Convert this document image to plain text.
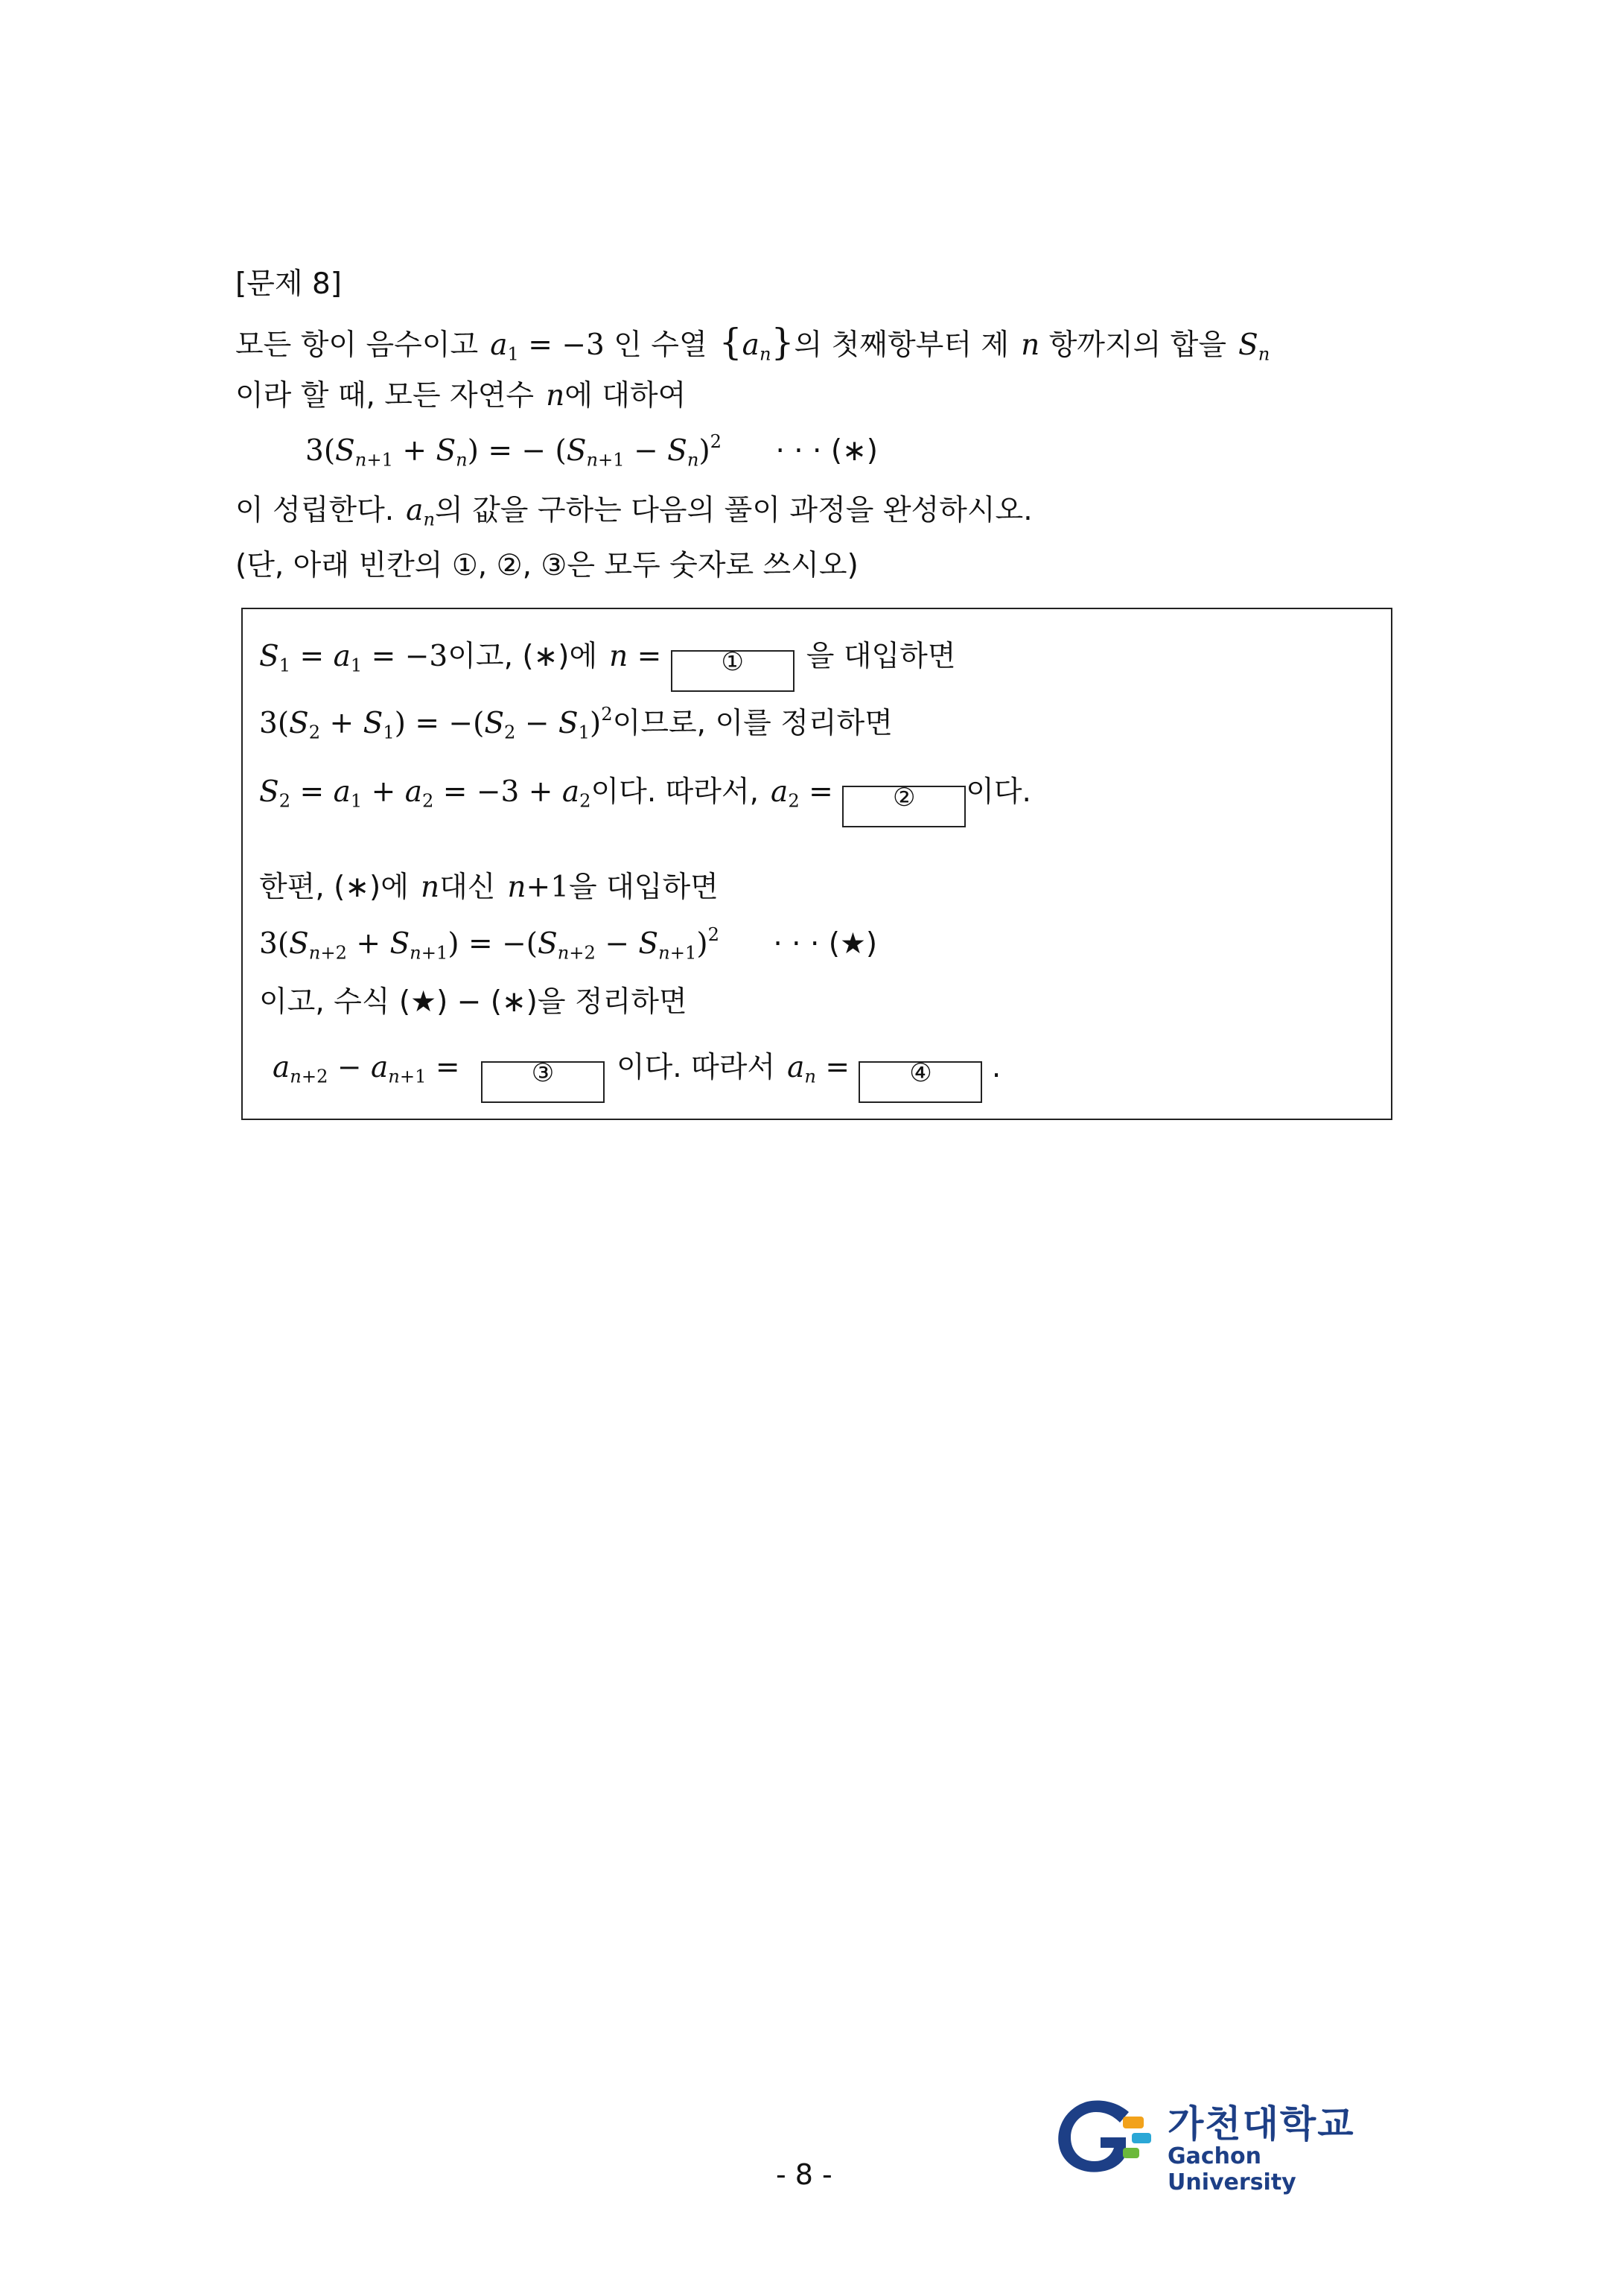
[문제 8]
모든 항이 음수이고 $a_1 = -3$ 인 수열 $\{a_n\}$의 첫째항부터 제 n 항까지의 합을 $S_n$
이라 할 때, 모든 자연수 n에 대하여
$3(S_{n+1} + S_n)$ = − $(S_{n+1} - S_n)^2$ · · · (∗)
이 성립한다. $a_n$의 값을 구하는 다음의 풀이 과정을 완성하시오.
(단, 아래 빈칸의 ①, ②, ③은 모두 숫자로 쓰시오)
$S_1 = a_1 = -3$이고, (∗)에 n = ① 을 대입하면
$3(S_2 + S_1) = -(S_2 - S_1)^2$이므로, 이를 정리하면
$S_2 = a_1 + a_2 = -3 + a_2$이다. 따라서, $a_2$ = ② 이다.
한편, (∗)에 n대신 n+1을 대입하면
$3(S_{n+2} + S_{n+1}) = -(S_{n+2} - S_{n+1})^2$ · · · (★)
이고, 수식 (★) − (∗)을 정리하면
$a_{n+2} - a_{n+1}$ = ③ 이다. 따라서 $a_n$ = ④ .
- 8 -
가천대학교
Gachon University
